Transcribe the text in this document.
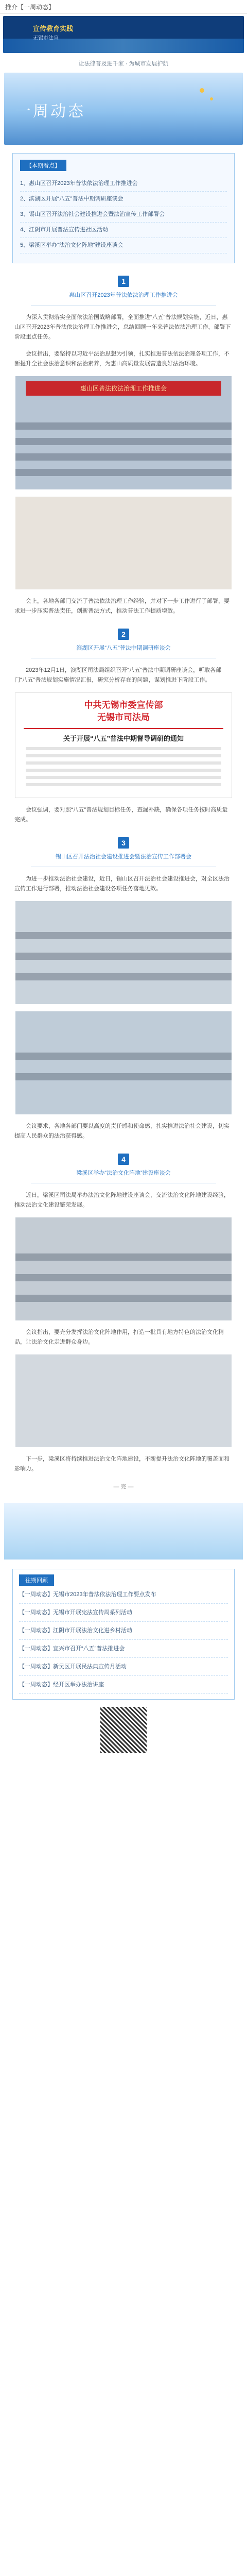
推介【一周动态】
宣传教育实践
无锡市法宣
让法律普及进千家 · 为城市发展护航
一周动态
【本期看点】
1、惠山区召开2023年普法依法治理工作推进会
2、滨湖区开展“八五”普法中期调研座谈会
3、锡山区召开法治社会建设推进会暨法治宣传工作部署会
4、江阴市开展普法宣传进社区活动
5、梁溪区举办“法治文化阵地”建设座谈会
1
惠山区召开2023年普法依法治理工作推进会

为深入贯彻落实全面依法治国战略部署，全面推进“八五”普法规划实施，近日，惠山区召开2023年普法依法治理工作推进会，总结回顾一年来普法依法治理工作，部署下阶段重点任务。

会议指出，要坚持以习近平法治思想为引领，扎实推进普法依法治理各项工作，不断提升全社会法治意识和法治素养，为惠山高质量发展营造良好法治环境。

惠山区普法依法治理工作推进会

会上，各地各部门交流了普法依法治理工作经验，并对下一步工作进行了部署，要求进一步压实普法责任，创新普法方式，推动普法工作提质增效。

2
滨湖区开展“八五”普法中期调研座谈会

2023年12月1日，滨湖区司法局组织召开“八五”普法中期调研座谈会，听取各部门“八五”普法规划实施情况汇报，研究分析存在的问题，谋划推进下阶段工作。

中共无锡市委宣传部
无锡市司法局
关于开展“八五”普法中期督导调研的通知

会议强调，要对照“八五”普法规划目标任务，查漏补缺，确保各项任务按时高质量完成。

3
锡山区召开法治社会建设推进会暨法治宣传工作部署会

为进一步推动法治社会建设，近日，锡山区召开法治社会建设推进会，对全区法治宣传工作进行部署，推动法治社会建设各项任务落地见效。

会议要求，各地各部门要以高度的责任感和使命感，扎实推进法治社会建设，切实提高人民群众的法治获得感。

4
梁溪区举办“法治文化阵地”建设座谈会

近日，梁溪区司法局举办法治文化阵地建设座谈会，交流法治文化阵地建设经验，推动法治文化建设繁荣发展。

会议指出，要充分发挥法治文化阵地作用，打造一批具有地方特色的法治文化精品，让法治文化走进群众身边。

下一步，梁溪区将持续推进法治文化阵地建设，不断提升法治文化阵地的覆盖面和影响力。

— 完 —
往期回顾
【一周动态】无锡市2023年普法依法治理工作要点发布
【一周动态】无锡市开展宪法宣传周系列活动
【一周动态】江阴市开展法治文化进乡村活动
【一周动态】宜兴市召开“八五”普法推进会
【一周动态】新吴区开展民法典宣传月活动
【一周动态】经开区举办法治讲座
